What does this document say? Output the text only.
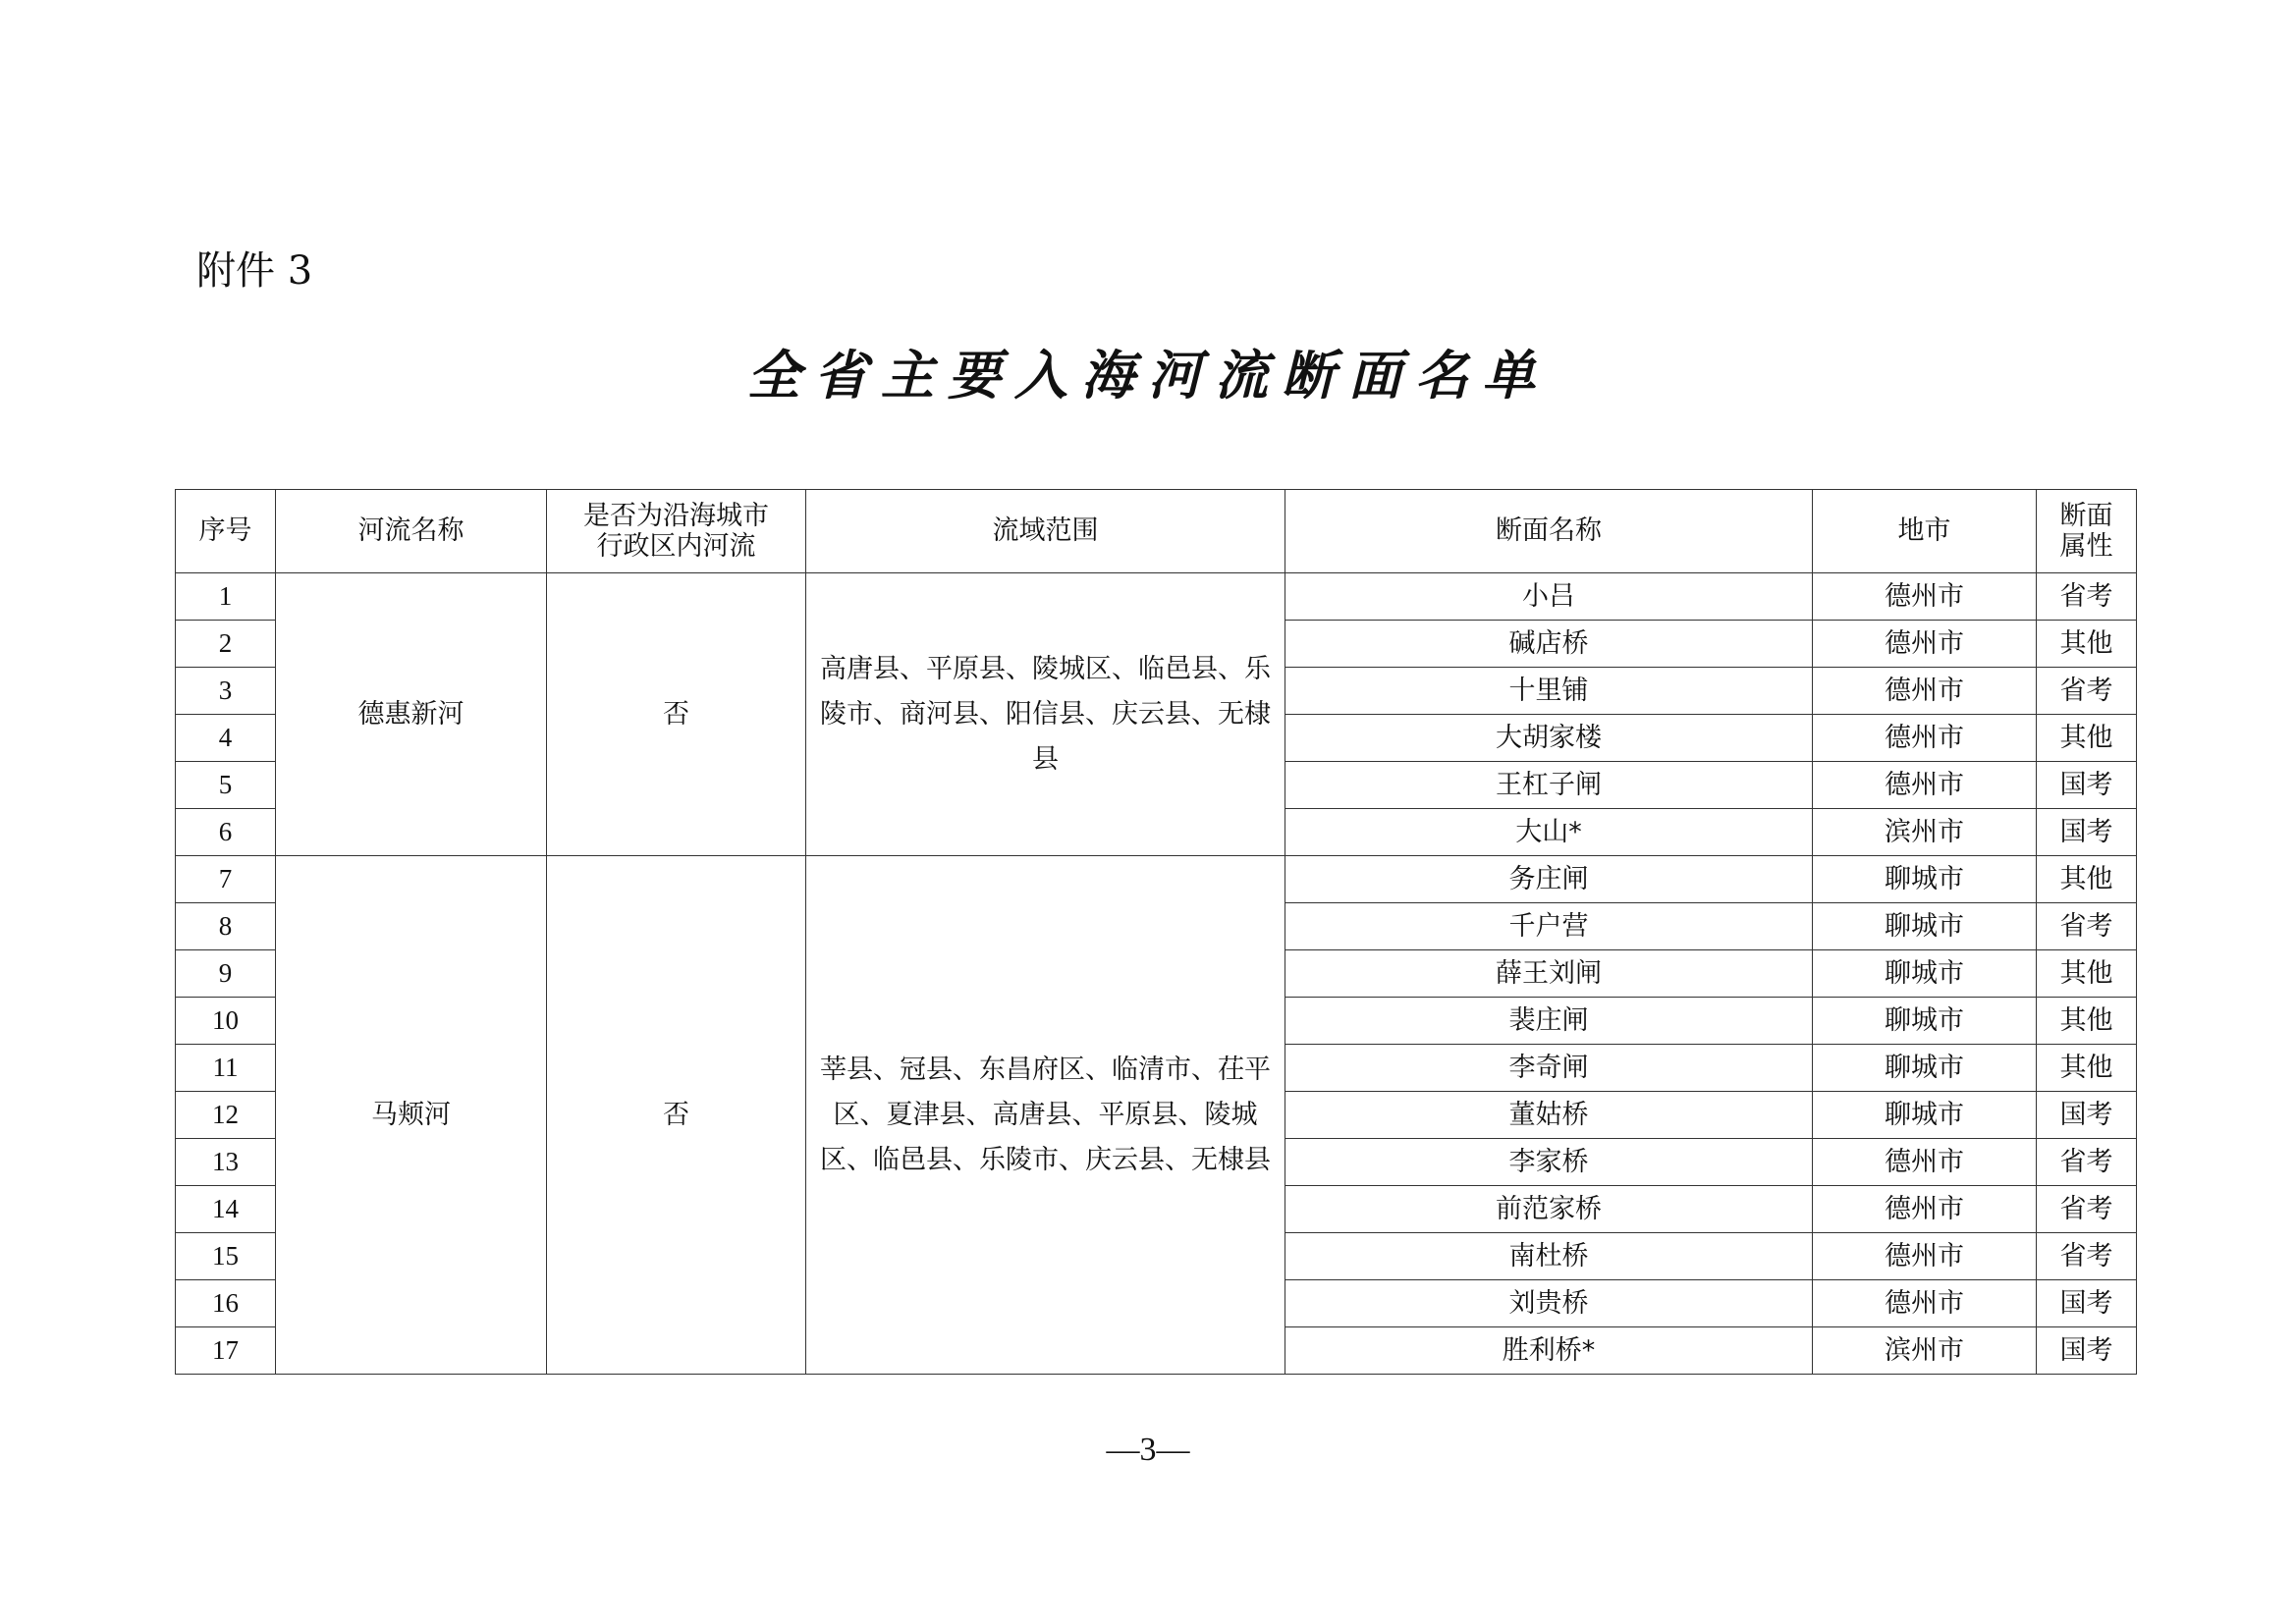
附件 3
全省主要入海河流断面名单
序号	河流名称	是否为沿海城市行政区内河流	流域范围	断面名称	地市	断面属性
1	德惠新河	否	高唐县、平原县、陵城区、临邑县、乐陵市、商河县、阳信县、庆云县、无棣县	小吕	德州市	省考
2				碱店桥	德州市	其他
3				十里铺	德州市	省考
4				大胡家楼	德州市	其他
5				王杠子闸	德州市	国考
6				大山*	滨州市	国考
7	马颊河	否	莘县、冠县、东昌府区、临清市、茌平区、夏津县、高唐县、平原县、陵城区、临邑县、乐陵市、庆云县、无棣县	务庄闸	聊城市	其他
8				千户营	聊城市	省考
9				薛王刘闸	聊城市	其他
10				裴庄闸	聊城市	其他
11				李奇闸	聊城市	其他
12				董姑桥	聊城市	国考
13				李家桥	德州市	省考
14				前范家桥	德州市	省考
15				南杜桥	德州市	省考
16				刘贵桥	德州市	国考
17				胜利桥*	滨州市	国考
—3—
